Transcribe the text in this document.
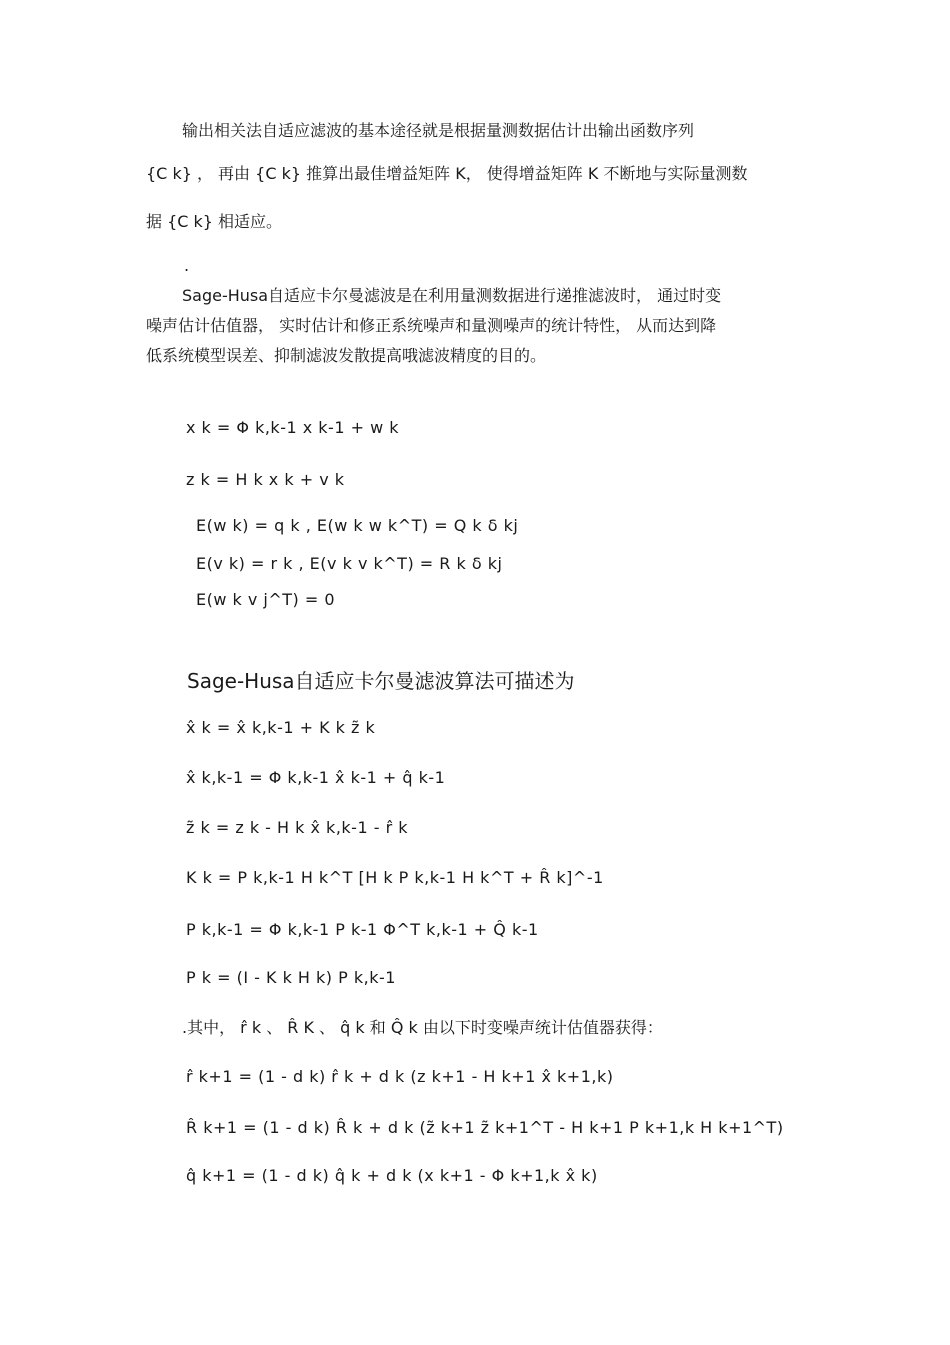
输出相关法自适应滤波的基本途径就是根据量测数据估计出输出函数序列
{C k} ， 再由 {C k} 推算出最佳增益矩阵 K， 使得增益矩阵 K 不断地与实际量测数
据 {C k} 相适应。
.
Sage-Husa自适应卡尔曼滤波是在利用量测数据进行递推滤波时， 通过时变
噪声估计估值器， 实时估计和修正系统噪声和量测噪声的统计特性， 从而达到降
低系统模型误差、抑制滤波发散提高哦滤波精度的目的。
x k = Φ k,k-1 x k-1 + w k
z k = H k x k + v k
E(w k) = q k , E(w k w k^T) = Q k δ kj
E(v k) = r k , E(v k v k^T) = R k δ kj
E(w k v j^T) = 0
Sage-Husa自适应卡尔曼滤波算法可描述为
x̂ k = x̂ k,k-1 + K k z̃ k
x̂ k,k-1 = Φ k,k-1 x̂ k-1 + q̂ k-1
z̃ k = z k - H k x̂ k,k-1 - r̂ k
K k = P k,k-1 H k^T [H k P k,k-1 H k^T + R̂ k]^-1
P k,k-1 = Φ k,k-1 P k-1 Φ^T k,k-1 + Q̂ k-1
P k = (I - K k H k) P k,k-1
.其中， r̂ k 、 R̂ K 、 q̂ k 和 Q̂ k 由以下时变噪声统计估值器获得：
r̂ k+1 = (1 - d k) r̂ k + d k (z k+1 - H k+1 x̂ k+1,k)
R̂ k+1 = (1 - d k) R̂ k + d k (z̃ k+1 z̃ k+1^T - H k+1 P k+1,k H k+1^T)
q̂ k+1 = (1 - d k) q̂ k + d k (x k+1 - Φ k+1,k x̂ k)
